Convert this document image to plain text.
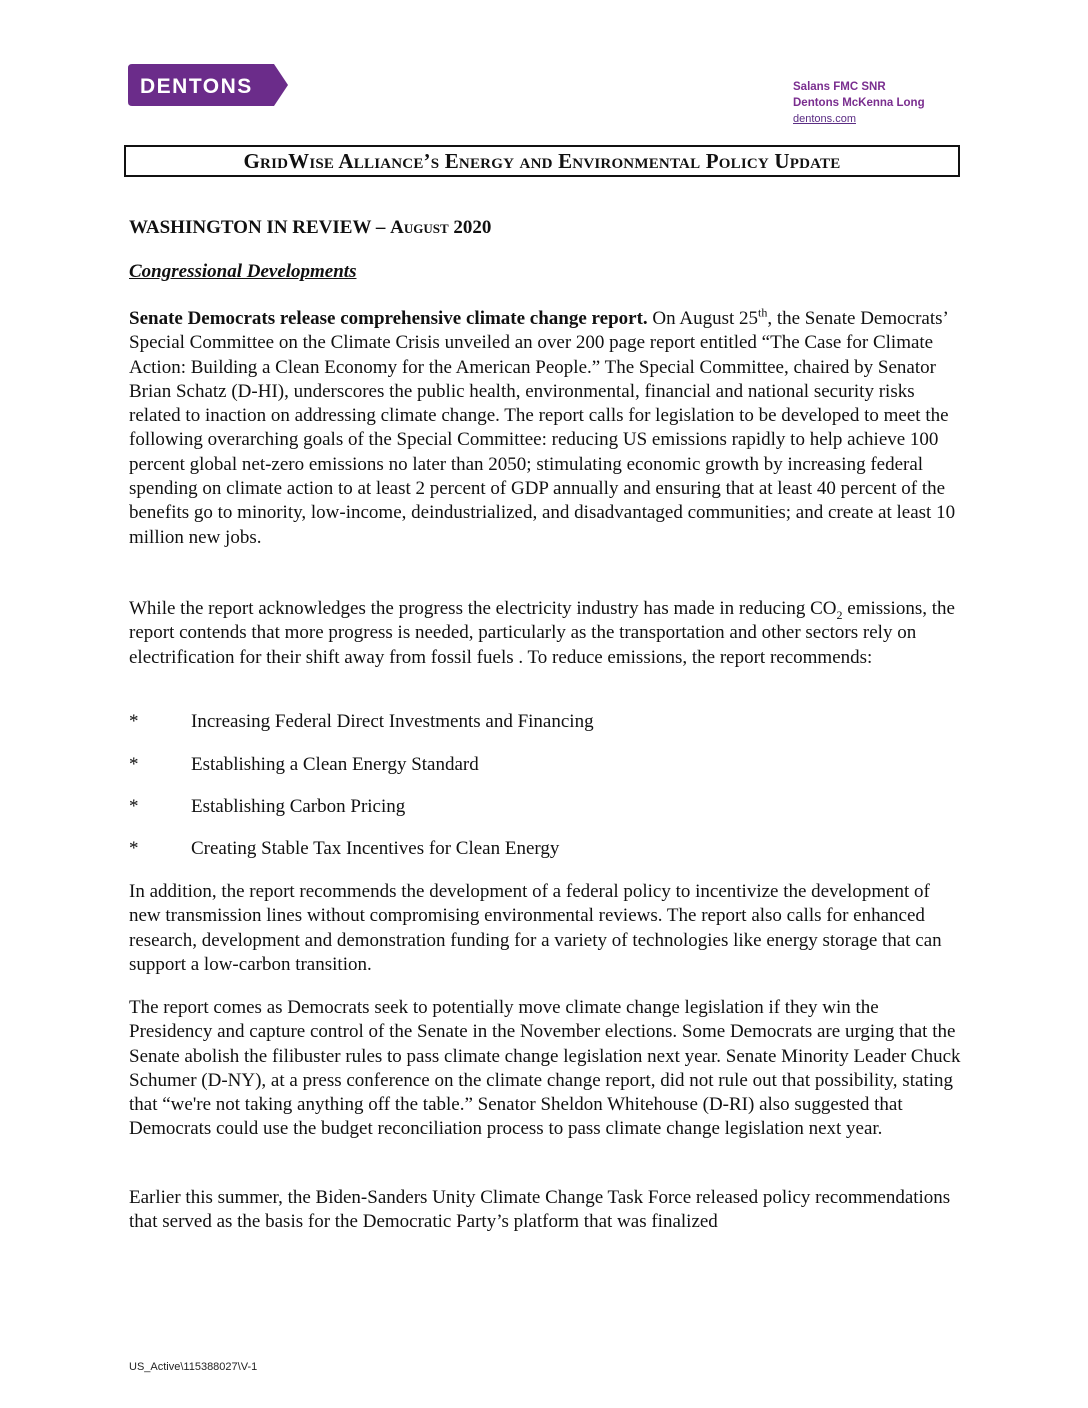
DENTONS	Salans FMC SNR
Dentons McKenna Long
dentons.com
GridWise Alliance’s Energy and Environmental Policy Update
WASHINGTON IN REVIEW – August 2020
Congressional Developments

Senate Democrats release comprehensive climate change report. On August 25th, the Senate Democrats’ Special Committee on the Climate Crisis unveiled an over 200 page report entitled “The Case for Climate Action: Building a Clean Economy for the American People.” The Special Committee, chaired by Senator Brian Schatz (D-HI), underscores the public health, environmental, financial and national security risks related to inaction on addressing climate change. The report calls for legislation to be developed to meet the following overarching goals of the Special Committee: reducing US emissions rapidly to help achieve 100 percent global net-zero emissions no later than 2050; stimulating economic growth by increasing federal spending on climate action to at least 2 percent of GDP annually and ensuring that at least 40 percent of the benefits go to minority, low-income, deindustrialized, and disadvantaged communities; and create at least 10 million new jobs.

While the report acknowledges the progress the electricity industry has made in reducing $CO_2$ emissions, the report contends that more progress is needed, particularly as the transportation and other sectors rely on electrification for their shift away from fossil fuels . To reduce emissions, the report recommends:

*	Increasing Federal Direct Investments and Financing
*	Establishing a Clean Energy Standard
*	Establishing Carbon Pricing
*	Creating Stable Tax Incentives for Clean Energy

In addition, the report recommends the development of a federal policy to incentivize the development of new transmission lines without compromising environmental reviews. The report also calls for enhanced research, development and demonstration funding for a variety of technologies like energy storage that can support a low-carbon transition.

The report comes as Democrats seek to potentially move climate change legislation if they win the Presidency and capture control of the Senate in the November elections. Some Democrats are urging that the Senate abolish the filibuster rules to pass climate change legislation next year. Senate Minority Leader Chuck Schumer (D-NY), at a press conference on the climate change report, did not rule out that possibility, stating that “we're not taking anything off the table.” Senator Sheldon Whitehouse (D-RI) also suggested that Democrats could use the budget reconciliation process to pass climate change legislation next year.

Earlier this summer, the Biden-Sanders Unity Climate Change Task Force released policy recommendations that served as the basis for the Democratic Party’s platform that was finalized

US_Active\115388027\V-1
